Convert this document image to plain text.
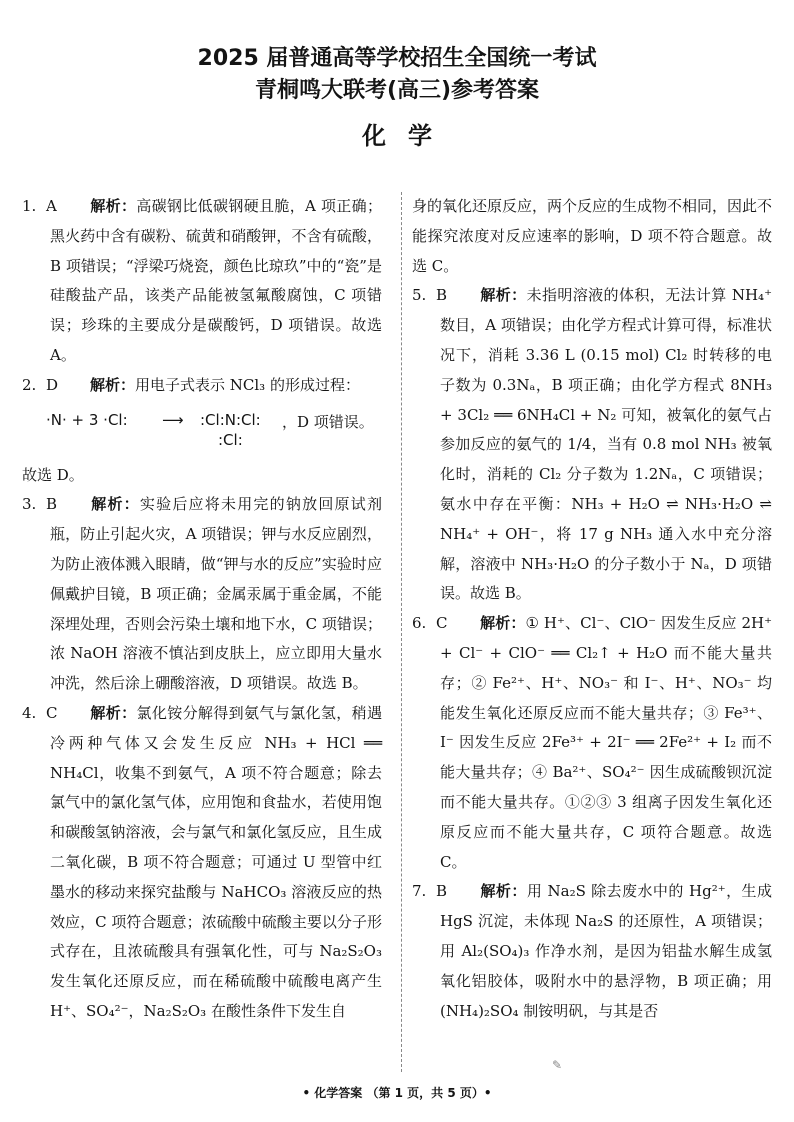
2025 届普通高等学校招生全国统一考试
青桐鸣大联考(高三)参考答案
化学

1. A 解析：高碳钢比低碳钢硬且脆，A 项正确；黑火药中含有碳粉、硫黄和硝酸钾，不含有硫酸，B 项错误；“浮梁巧烧瓷，颜色比琼玖”中的“瓷”是硅酸盐产品，该类产品能被氢氟酸腐蚀，C 项错误；珍珠的主要成分是碳酸钙，D 项错误。故选 A。

2. D 解析：用电子式表示 NCl₃ 的形成过程：

·N· + 3 ·Cl: ⟶ :Cl:N:Cl:
:Cl:
，D 项错误。

故选 D。

3. B 解析：实验后应将未用完的钠放回原试剂瓶，防止引起火灾，A 项错误；钾与水反应剧烈，为防止液体溅入眼睛，做“钾与水的反应”实验时应佩戴护目镜，B 项正确；金属汞属于重金属，不能深埋处理，否则会污染土壤和地下水，C 项错误；浓 NaOH 溶液不慎沾到皮肤上，应立即用大量水冲洗，然后涂上硼酸溶液，D 项错误。故选 B。

4. C 解析：氯化铵分解得到氨气与氯化氢，稍遇冷两种气体又会发生反应 NH₃ + HCl ══ NH₄Cl，收集不到氨气，A 项不符合题意；除去氯气中的氯化氢气体，应用饱和食盐水，若使用饱和碳酸氢钠溶液，会与氯气和氯化氢反应，且生成二氧化碳，B 项不符合题意；可通过 U 型管中红墨水的移动来探究盐酸与 NaHCO₃ 溶液反应的热效应，C 项符合题意；浓硫酸中硫酸主要以分子形式存在，且浓硫酸具有强氧化性，可与 Na₂S₂O₃ 发生氧化还原反应，而在稀硫酸中硫酸电离产生 H⁺、SO₄²⁻，Na₂S₂O₃ 在酸性条件下发生自

身的氧化还原反应，两个反应的生成物不相同，因此不能探究浓度对反应速率的影响，D 项不符合题意。故选 C。

5. B 解析：未指明溶液的体积，无法计算 NH₄⁺ 数目，A 项错误；由化学方程式计算可得，标准状况下，消耗 3.36 L (0.15 mol) Cl₂ 时转移的电子数为 0.3Nₐ，B 项正确；由化学方程式 8NH₃ + 3Cl₂ ══ 6NH₄Cl + N₂ 可知，被氧化的氨气占参加反应的氨气的 1/4，当有 0.8 mol NH₃ 被氧化时，消耗的 Cl₂ 分子数为 1.2Nₐ，C 项错误；氨水中存在平衡：NH₃ + H₂O ⇌ NH₃·H₂O ⇌ NH₄⁺ + OH⁻，将 17 g NH₃ 通入水中充分溶解，溶液中 NH₃·H₂O 的分子数小于 Nₐ，D 项错误。故选 B。

6. C 解析：① H⁺、Cl⁻、ClO⁻ 因发生反应 2H⁺ + Cl⁻ + ClO⁻ ══ Cl₂↑ + H₂O 而不能大量共存；② Fe²⁺、H⁺、NO₃⁻ 和 I⁻、H⁺、NO₃⁻ 均能发生氧化还原反应而不能大量共存；③ Fe³⁺、I⁻ 因发生反应 2Fe³⁺ + 2I⁻ ══ 2Fe²⁺ + I₂ 而不能大量共存；④ Ba²⁺、SO₄²⁻ 因生成硫酸钡沉淀而不能大量共存。①②③ 3 组离子因发生氧化还原反应而不能大量共存，C 项符合题意。故选 C。

7. B 解析：用 Na₂S 除去废水中的 Hg²⁺，生成 HgS 沉淀，未体现 Na₂S 的还原性，A 项错误；用 Al₂(SO₄)₃ 作净水剂，是因为铝盐水解生成氢氧化铝胶体，吸附水中的悬浮物，B 项正确；用(NH₄)₂SO₄ 制铵明矾，与其是否

✎
• 化学答案 （第 1 页，共 5 页）•
